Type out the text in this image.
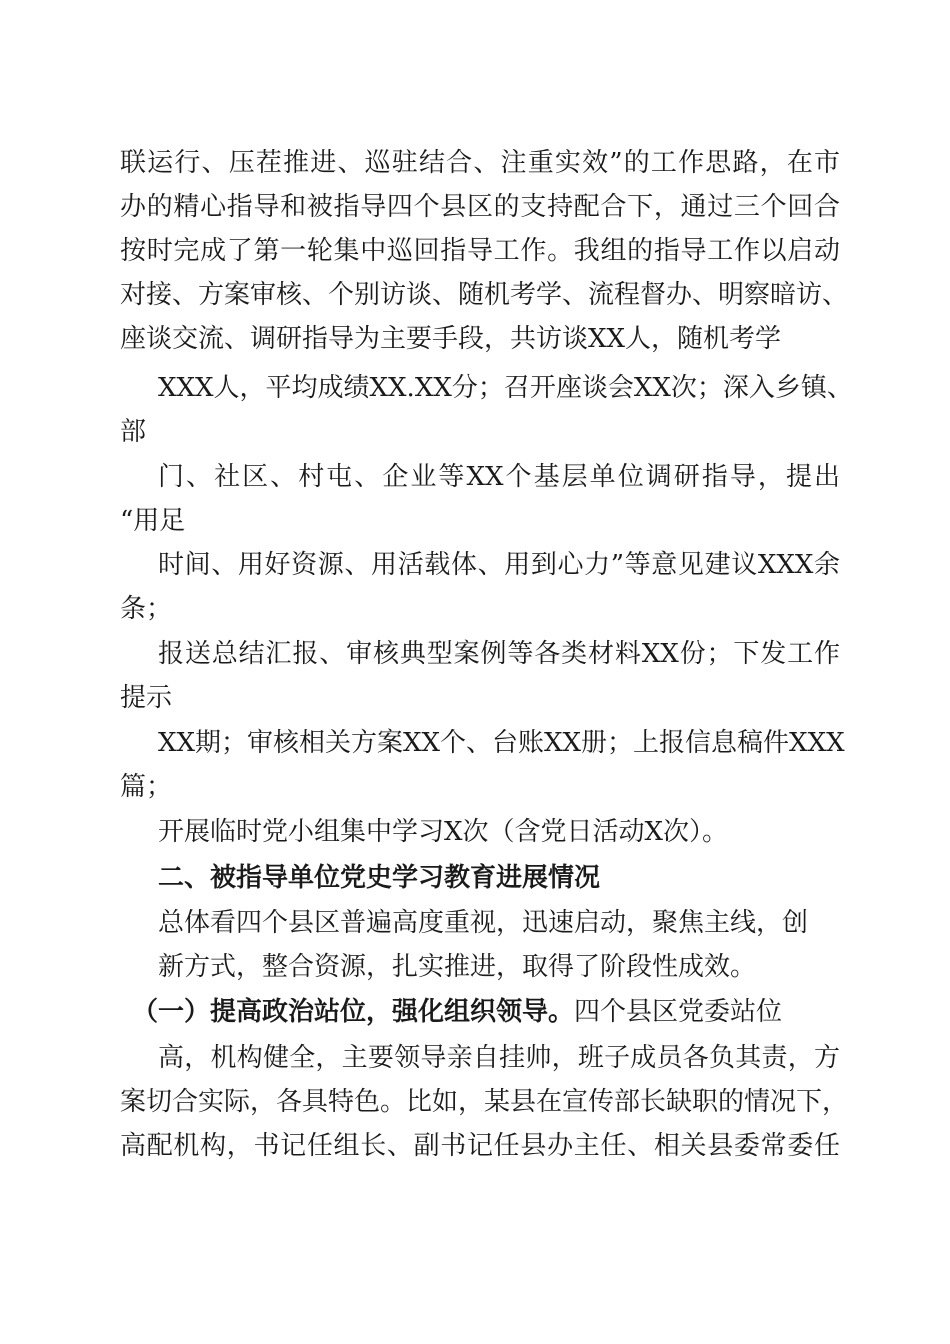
联运行、压茬推进、巡驻结合、注重实效”的工作思路，在市

办的精心指导和被指导四个县区的支持配合下，通过三个回合

按时完成了第一轮集中巡回指导工作。我组的指导工作以启动

对接、方案审核、个别访谈、随机考学、流程督办、明察暗访、

座谈交流、调研指导为主要手段，共访谈XX人，随机考学

XXX人，平均成绩XX.XX分；召开座谈会XX次；深入乡镇、

部

门、社区、村屯、企业等XX个基层单位调研指导，提出

“用足

时间、用好资源、用活载体、用到心力”等意见建议XXX余

条；

报送总结汇报、审核典型案例等各类材料XX份；下发工作

提示

XX期；审核相关方案XX个、台账XX册；上报信息稿件XXX

篇；

开展临时党小组集中学习X次（含党日活动X次）。

二、被指导单位党史学习教育进展情况

总体看四个县区普遍高度重视，迅速启动，聚焦主线，创

新方式，整合资源，扎实推进，取得了阶段性成效。

（一）提高政治站位，强化组织领导。四个县区党委站位

高，机构健全，主要领导亲自挂帅，班子成员各负其责，方

案切合实际，各具特色。比如，某县在宣传部长缺职的情况下，

高配机构，书记任组长、副书记任县办主任、相关县委常委任
